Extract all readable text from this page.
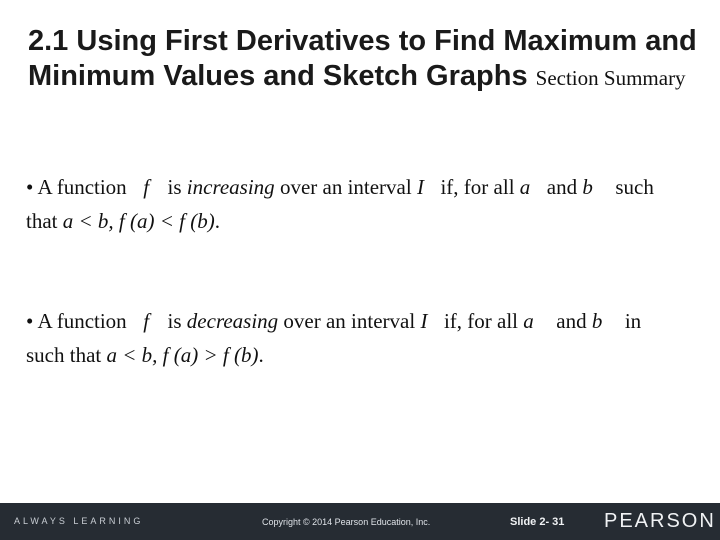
2.1 Using First Derivatives to Find Maximum and Minimum Values and Sketch Graphs Section Summary
• A function f is increasing over an interval I if, for all a and b such
that a < b, f (a) < f (b).
• A function f is decreasing over an interval I if, for all a and b in
such that a < b, f (a) > f (b).
ALWAYS LEARNING	Copyright © 2014 Pearson Education, Inc.	Slide 2- 31 PEARSON
